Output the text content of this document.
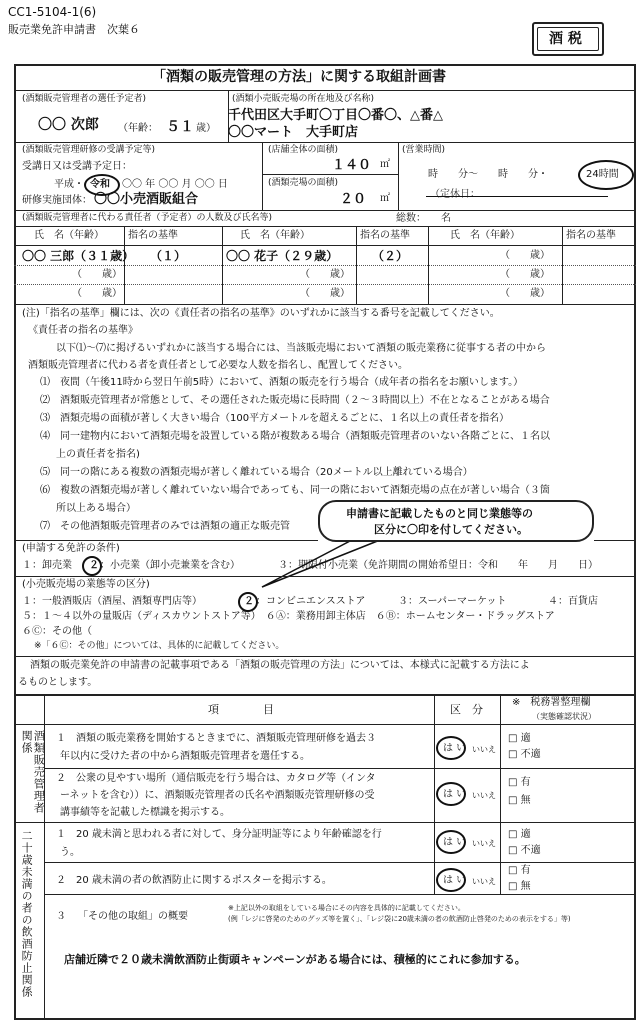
CC1-5104-1(6)
販売業免許申請書　次葉６
酒 税
「酒類の販売管理の方法」に関する取組計画書
(酒類販売管理者の選任予定者)
〇〇 次郎 （年齢： ５１ 歳）
(酒類小売販売場の所在地及び名称)
千代田区大手町〇丁目〇番〇、△番△
〇〇マート　大手町店
(酒類販売管理研修の受講予定等)
受講日又は受講予定日：
平成・ 令和 〇〇 年 〇〇 月 〇〇 日
研修実施団体： 〇〇小売酒販組合
(店舗全体の面積)
１４０ ㎡
(酒類売場の面積)
２０ ㎡
(営業時間)
時　　分～　　時　　分・	24時間
（定休日：
(酒類販売管理者に代わる責任者（予定者）の人数及び氏名等)	総数：　　名
氏　名（年齢） 指名の基準	氏　名（年齢）	指名の基準	氏　名（年齢）	指名の基準
〇〇 三郎（３１歳） （１）	〇〇 花子（２９歳）	（２）	（　　歳）
（　　歳）	（　　歳）	（　　歳）
（　　歳）	（　　歳）	（　　歳）
(注)「指名の基準」欄には、次の《責任者の指名の基準》のいずれかに該当する番号を記載してください。
《責任者の指名の基準》
以下⑴～⑺に掲げるいずれかに該当する場合には、当該販売場において酒類の販売業務に従事する者の中から
酒類販売管理者に代わる者を責任者として必要な人数を指名し、配置してください。
⑴　夜間（午後11時から翌日午前5時）において、酒類の販売を行う場合（成年者の指名をお願いします。）
⑵　酒類販売管理者が常態として、その選任された販売場に長時間（２～３時間以上）不在となることがある場合
⑶　酒類売場の面積が著しく大きい場合（100平方メートルを超えるごとに、１名以上の責任者を指名）
⑷　同一建物内において酒類売場を設置している階が複数ある場合（酒類販売管理者のいない各階ごとに、１名以
上の責任者を指名)
⑸　同一の階にある複数の酒類売場が著しく離れている場合（20メートル以上離れている場合）
⑹　複数の酒類売場が著しく離れていない場合であっても、同一の階において酒類売場の点在が著しい場合（３箇
所以上ある場合）
⑺　その他酒類販売管理者のみでは酒類の適正な販売管
申請書に記載したものと同じ業態等の
区分に〇印を付してください。
(申請する免許の条件)
１：卸売業 ２ ：小売業（卸小売兼業を含む）	３：期限付小売業（免許期間の開始希望日：令和　　年　　月　　日）
(小売販売場の業態等の区分)
１：一般酒販店（酒屋、酒類専門店等）	２ ：コンビニエンスストア	３：スーパーマーケット	４：百貨店
５：１～４以外の量販店（ディスカウントストア等）　６Ⓐ：業務用卸主体店　６Ⓑ：ホームセンター・ドラッグストア
６Ⓒ：その他（
※「６Ⓒ：その他」については、具体的に記載してください。
酒類の販売業免許の申請書の記載事項である「酒類の販売管理の方法」については、本様式に記載する方法によ
るものとします。
項　　　　目	区　分
※　税務署整理欄
（実態確認状況）
酒類販売管理者関係
二十歳未満の者の飲酒防止関係
１ 酒類の販売業務を開始するときまでに、酒類販売管理研修を過去３
年以内に受けた者の中から酒類販売管理者を選任する。
は い いいえ
□ 適
□ 不適
２ 公衆の見やすい場所（通信販売を行う場合は、カタログ等（インタ
ーネットを含む））に、酒類販売管理者の氏名や酒類販売管理研修の受
講事績等を記載した標識を掲示する。
は い いいえ
□ 有
□ 無
１ 20 歳未満と思われる者に対して、身分証明証等により年齢確認を行
う。
は い いいえ
□ 適
□ 不適
２ 20 歳未満の者の飲酒防止に関するポスターを掲示する。	は い いいえ
□ 有
□ 無
３ 「その他の取組」の概要
※上記以外の取組をしている場合にその内容を具体的に記載してください。
(例「レジに啓発のためのグッズ等を置く」、「レジ袋に20歳未満の者の飲酒防止啓発のための表示をする」等)
店舗近隣で２０歳未満飲酒防止街頭キャンペーンがある場合には、積極的にこれに参加する。
